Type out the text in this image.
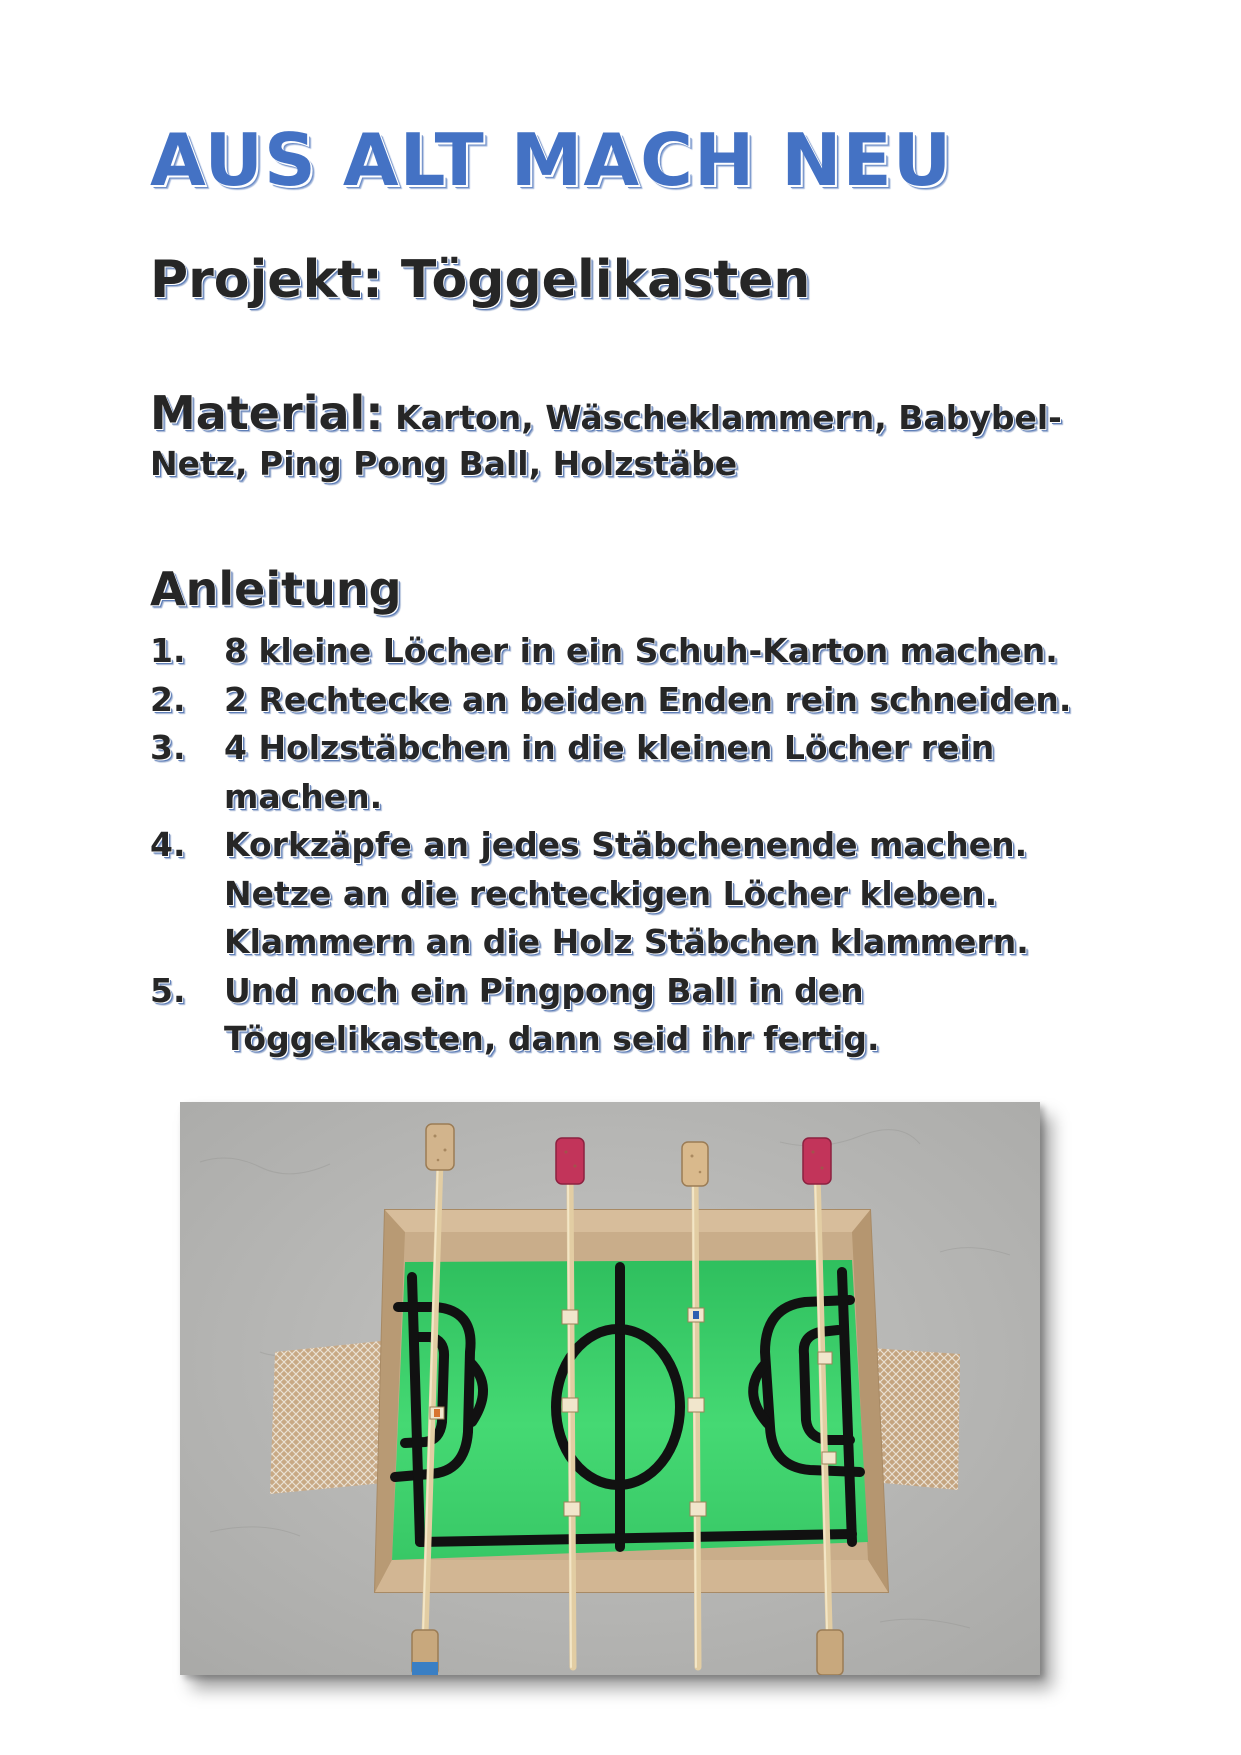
AUS ALT MACH NEU
Projekt: Töggelikasten

Material: Karton, Wäscheklammern, Babybel-
Netz, Ping Pong Ball, Holzstäbe

Anleitung
1.	8 kleine Löcher in ein Schuh-Karton machen.
2.	2 Rechtecke an beiden Enden rein schneiden.
3.	4 Holzstäbchen in die kleinen Löcher rein
machen.
4.	Korkzäpfe an jedes Stäbchenende machen.
Netze an die rechteckigen Löcher kleben.
Klammern an die Holz Stäbchen klammern.
5.	Und noch ein Pingpong Ball in den
Töggelikasten, dann seid ihr fertig.
